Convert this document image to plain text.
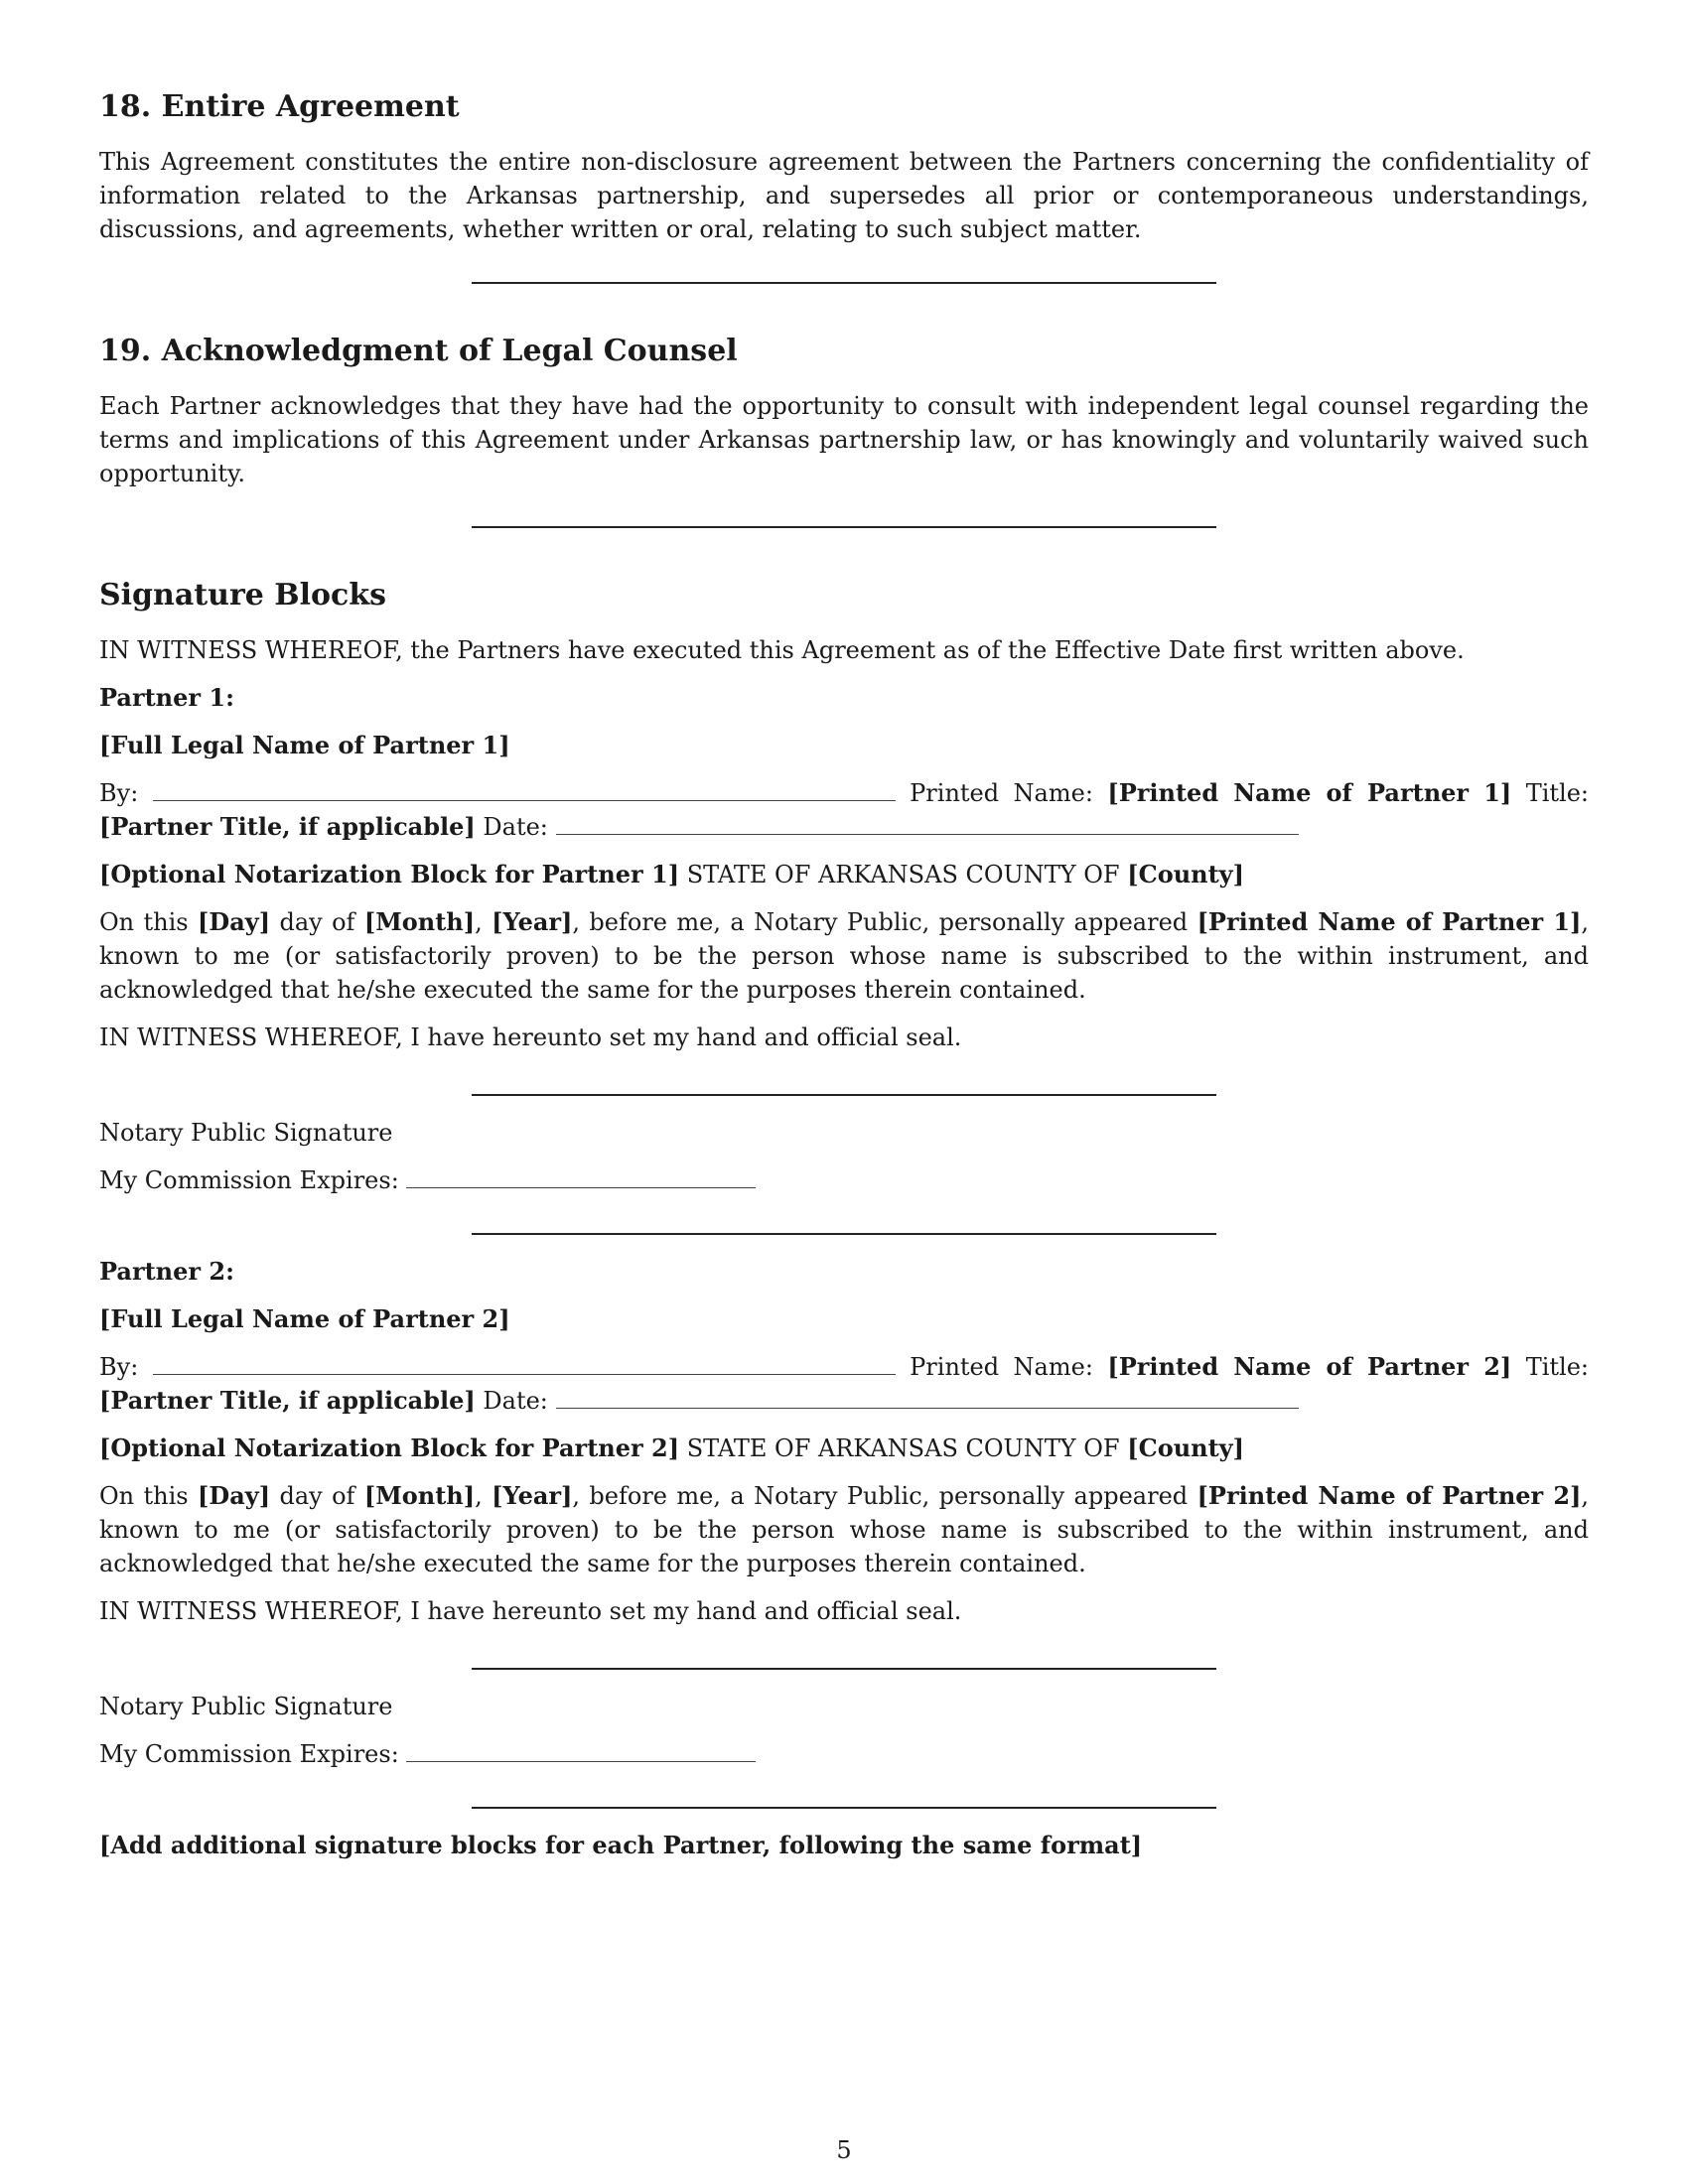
18. Entire Agreement

This Agreement constitutes the entire non-disclosure agreement between the Partners concerning the confidentiality of information related to the Arkansas partnership, and supersedes all prior or contemporaneous understandings, discussions, and agreements, whether written or oral, relating to such subject matter.

19. Acknowledgment of Legal Counsel

Each Partner acknowledges that they have had the opportunity to consult with independent legal counsel regarding the terms and implications of this Agreement under Arkansas partnership law, or has knowingly and voluntarily waived such opportunity.

Signature Blocks

IN WITNESS WHEREOF, the Partners have executed this Agreement as of the Effective Date first written above.

Partner 1:

[Full Legal Name of Partner 1]

By:	Printed Name: [Printed Name of Partner 1] Title: [Partner Title, if applicable] Date:

[Optional Notarization Block for Partner 1] STATE OF ARKANSAS COUNTY OF [County]

On this [Day] day of [Month], [Year], before me, a Notary Public, personally appeared [Printed Name of Partner 1], known to me (or satisfactorily proven) to be the person whose name is subscribed to the within instrument, and acknowledged that he/she executed the same for the purposes therein contained.

IN WITNESS WHEREOF, I have hereunto set my hand and official seal.

Notary Public Signature

My Commission Expires:

Partner 2:

[Full Legal Name of Partner 2]

By:	Printed Name: [Printed Name of Partner 2] Title: [Partner Title, if applicable] Date:

[Optional Notarization Block for Partner 2] STATE OF ARKANSAS COUNTY OF [County]

On this [Day] day of [Month], [Year], before me, a Notary Public, personally appeared [Printed Name of Partner 2], known to me (or satisfactorily proven) to be the person whose name is subscribed to the within instrument, and acknowledged that he/she executed the same for the purposes therein contained.

IN WITNESS WHEREOF, I have hereunto set my hand and official seal.

Notary Public Signature

My Commission Expires:

[Add additional signature blocks for each Partner, following the same format]

5
